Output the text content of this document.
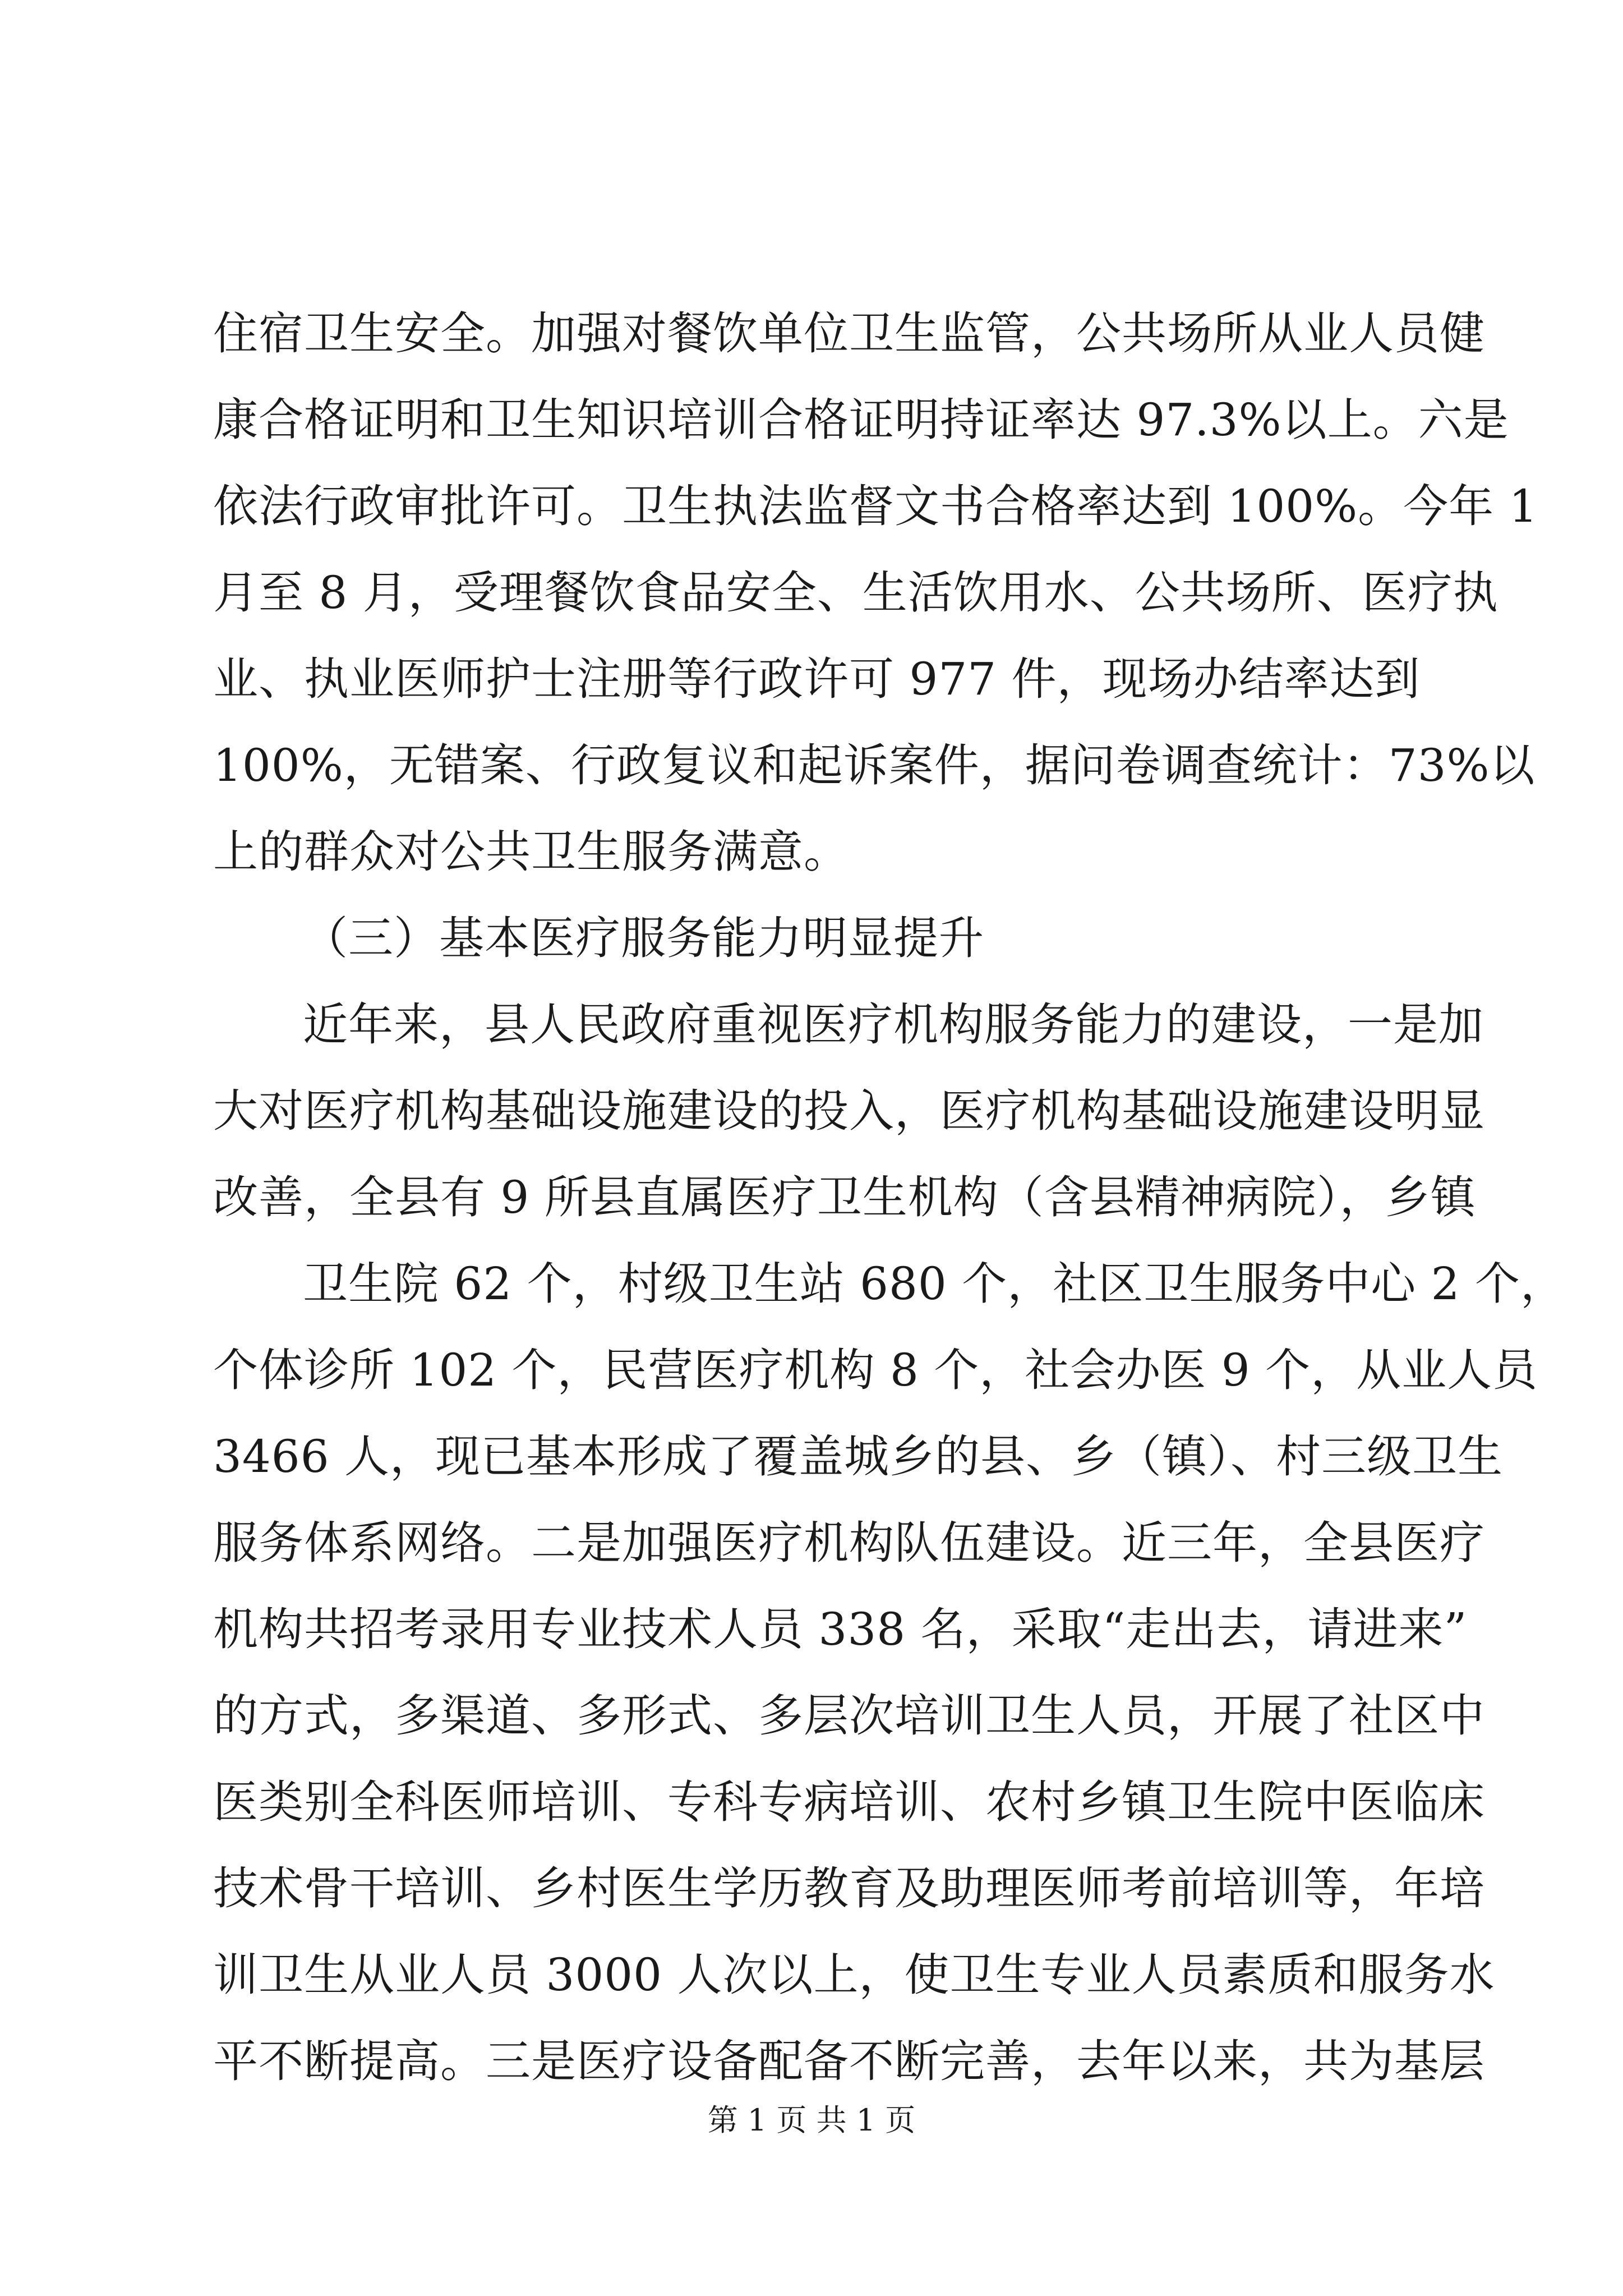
住宿卫生安全。加强对餐饮单位卫生监管，公共场所从业人员健
康合格证明和卫生知识培训合格证明持证率达 97.3%以上。六是
依法行政审批许可。卫生执法监督文书合格率达到 100%。今年 1
月至 8 月，受理餐饮食品安全、生活饮用水、公共场所、医疗执
业、执业医师护士注册等行政许可 977 件，现场办结率达到
100%，无错案、行政复议和起诉案件，据问卷调查统计：73%以
上的群众对公共卫生服务满意。
（三）基本医疗服务能力明显提升
近年来，县人民政府重视医疗机构服务能力的建设，一是加
大对医疗机构基础设施建设的投入，医疗机构基础设施建设明显
改善，全县有 9 所县直属医疗卫生机构（含县精神病院），乡镇
卫生院 62 个，村级卫生站 680 个，社区卫生服务中心 2 个，
个体诊所 102 个，民营医疗机构 8 个，社会办医 9 个，从业人员
3466 人，现已基本形成了覆盖城乡的县、乡（镇）、村三级卫生
服务体系网络。二是加强医疗机构队伍建设。近三年，全县医疗
机构共招考录用专业技术人员 338 名，采取“走出去，请进来”
的方式，多渠道、多形式、多层次培训卫生人员，开展了社区中
医类别全科医师培训、专科专病培训、农村乡镇卫生院中医临床
技术骨干培训、乡村医生学历教育及助理医师考前培训等，年培
训卫生从业人员 3000 人次以上，使卫生专业人员素质和服务水
平不断提高。三是医疗设备配备不断完善，去年以来，共为基层
第 1 页 共 1 页
